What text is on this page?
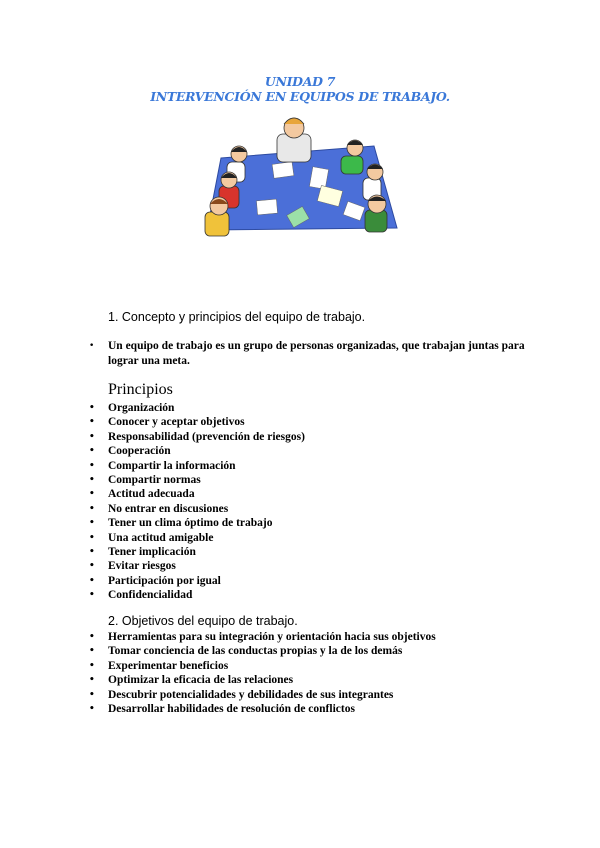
UNIDAD 7
INTERVENCIÓN EN EQUIPOS DE TRABAJO.
1. Concepto y principios del equipo de trabajo.
• Un equipo de trabajo es un grupo de personas organizadas, que trabajan juntas para lograr una meta.
Principios
• Organización
• Conocer y aceptar objetivos
• Responsabilidad (prevención de riesgos)
• Cooperación
• Compartir la información
• Compartir normas
• Actitud adecuada
• No entrar en discusiones
• Tener un clima óptimo de trabajo
• Una actitud amigable
• Tener implicación
• Evitar riesgos
• Participación por igual
• Confidencialidad
2. Objetivos del equipo de trabajo.
• Herramientas para su integración y orientación hacia sus objetivos
• Tomar conciencia de las conductas propias y la de los demás
• Experimentar beneficios
• Optimizar la eficacia de las relaciones
• Descubrir potencialidades y debilidades de sus integrantes
• Desarrollar habilidades de resolución de conflictos
